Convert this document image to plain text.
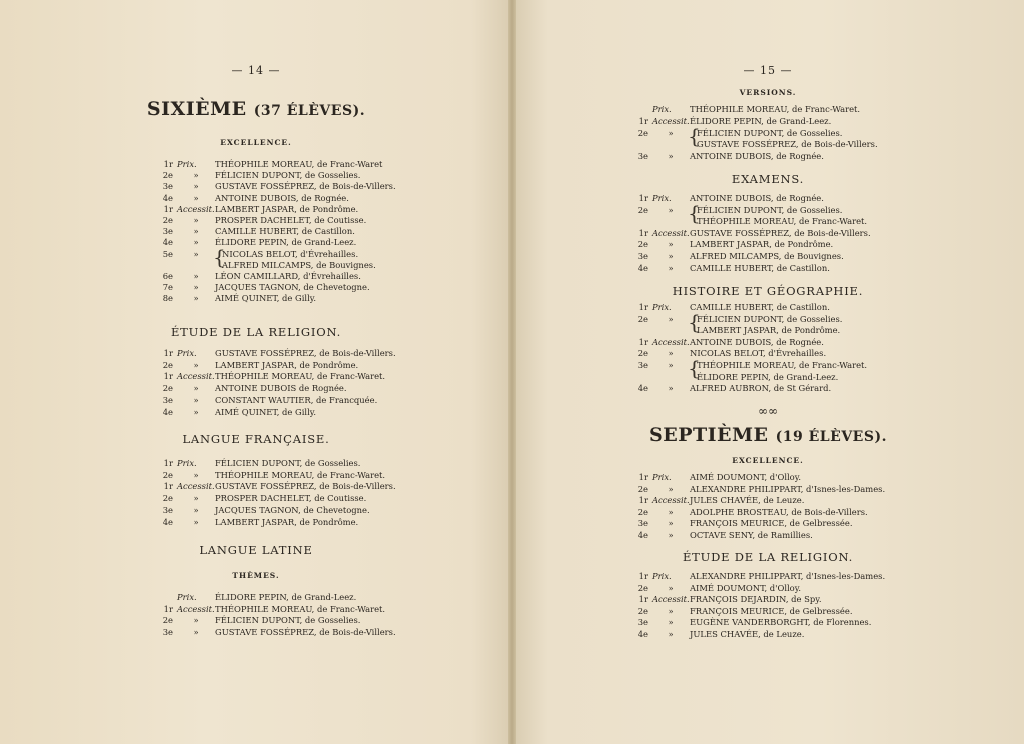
— 14 —
SIXIÈME (37 ÉLÈVES).
EXCELLENCE.
1r Prix. THÉOPHILE MOREAU, de Franc-Waret
2e » FÉLICIEN DUPONT, de Gosselies.
3e » GUSTAVE FOSSÉPREZ, de Bois-de-Villers.
4e » ANTOINE DUBOIS, de Rognée.
1r Accessit.LAMBERT JASPAR, de Pondrôme.
2e » PROSPER DACHELET, de Coutisse.
3e » CAMILLE HUBERT, de Castillon.
4e » ÉLIDORE PEPIN, de Grand-Leez.
5e »	NICOLAS BELOT, d'Évrehailles.
ALFRED MILCAMPS, de Bouvignes.
6e » LÉON CAMILLARD, d'Évrehailles.
7e » JACQUES TAGNON, de Chevetogne.
8e » AIMÉ QUINET, de Gilly.
{
ÉTUDE DE LA RELIGION.
1r Prix. GUSTAVE FOSSÉPREZ, de Bois-de-Villers.
2e » LAMBERT JASPAR, de Pondrôme.
1r Accessit.THÉOPHILE MOREAU, de Franc-Waret.
2e » ANTOINE DUBOIS de Rognée.
3e » CONSTANT WAUTIER, de Francquée.
4e » AIMÉ QUINET, de Gilly.
LANGUE FRANÇAISE.
1r Prix. FÉLICIEN DUPONT, de Gosselies.
2e » THÉOPHILE MOREAU, de Franc-Waret.
1r Accessit.GUSTAVE FOSSÉPREZ, de Bois-de-Villers.
2e » PROSPER DACHELET, de Coutisse.
3e » JACQUES TAGNON, de Chevetogne.
4e » LAMBERT JASPAR, de Pondrôme.
LANGUE LATINE
THÈMES.
Prix. ÉLIDORE PEPIN, de Grand-Leez.
1r Accessit.THÉOPHILE MOREAU, de Franc-Waret.
2e » FÉLICIEN DUPONT, de Gosselies.
3e » GUSTAVE FOSSÉPREZ, de Bois-de-Villers.
— 15 —
VERSIONS.
Prix. THÉOPHILE MOREAU, de Franc-Waret.
1r Accessit.ÉLIDORE PEPIN, de Grand-Leez.
2e »	FÉLICIEN DUPONT, de Gosselies.
GUSTAVE FOSSÉPREZ, de Bois-de-Villers.
3e » ANTOINE DUBOIS, de Rognée.
{
EXAMENS.
1r Prix. ANTOINE DUBOIS, de Rognée.
2e »	FÉLICIEN DUPONT, de Gosselies.
THÉOPHILE MOREAU, de Franc-Waret.
1r Accessit.GUSTAVE FOSSÉPREZ, de Bois-de-Villers.
2e » LAMBERT JASPAR, de Pondrôme.
3e » ALFRED MILCAMPS, de Bouvignes.
4e » CAMILLE HUBERT, de Castillon.
{
HISTOIRE ET GÉOGRAPHIE.
1r Prix. CAMILLE HUBERT, de Castillon.
2e »	FÉLICIEN DUPONT, de Gosselies.
LAMBERT JASPAR, de Pondrôme.
1r Accessit.ANTOINE DUBOIS, de Rognée.
2e » NICOLAS BELOT, d'Évrehailles.
3e »	THÉOPHILE MOREAU, de Franc-Waret.
ÉLIDORE PEPIN, de Grand-Leez.
4e » ALFRED AUBRON, de St Gérard.
{
{
∞∞
SEPTIÈME (19 ÉLÈVES).
EXCELLENCE.
1r Prix. AIMÉ DOUMONT, d'Olloy.
2e » ALEXANDRE PHILIPPART, d'Isnes-les-Dames.
1r Accessit.JULES CHAVÉE, de Leuze.
2e » ADOLPHE BROSTEAU, de Bois-de-Villers.
3e » FRANÇOIS MEURICE, de Gelbressée.
4e » OCTAVE SENY, de Ramillies.
ÉTUDE DE LA RELIGION.
1r Prix. ALEXANDRE PHILIPPART, d'Isnes-les-Dames.
2e » AIMÉ DOUMONT, d'Olloy.
1r Accessit.FRANÇOIS DEJARDIN, de Spy.
2e » FRANÇOIS MEURICE, de Gelbressée.
3e » EUGÈNE VANDERBORGHT, de Florennes.
4e » JULES CHAVÉE, de Leuze.
